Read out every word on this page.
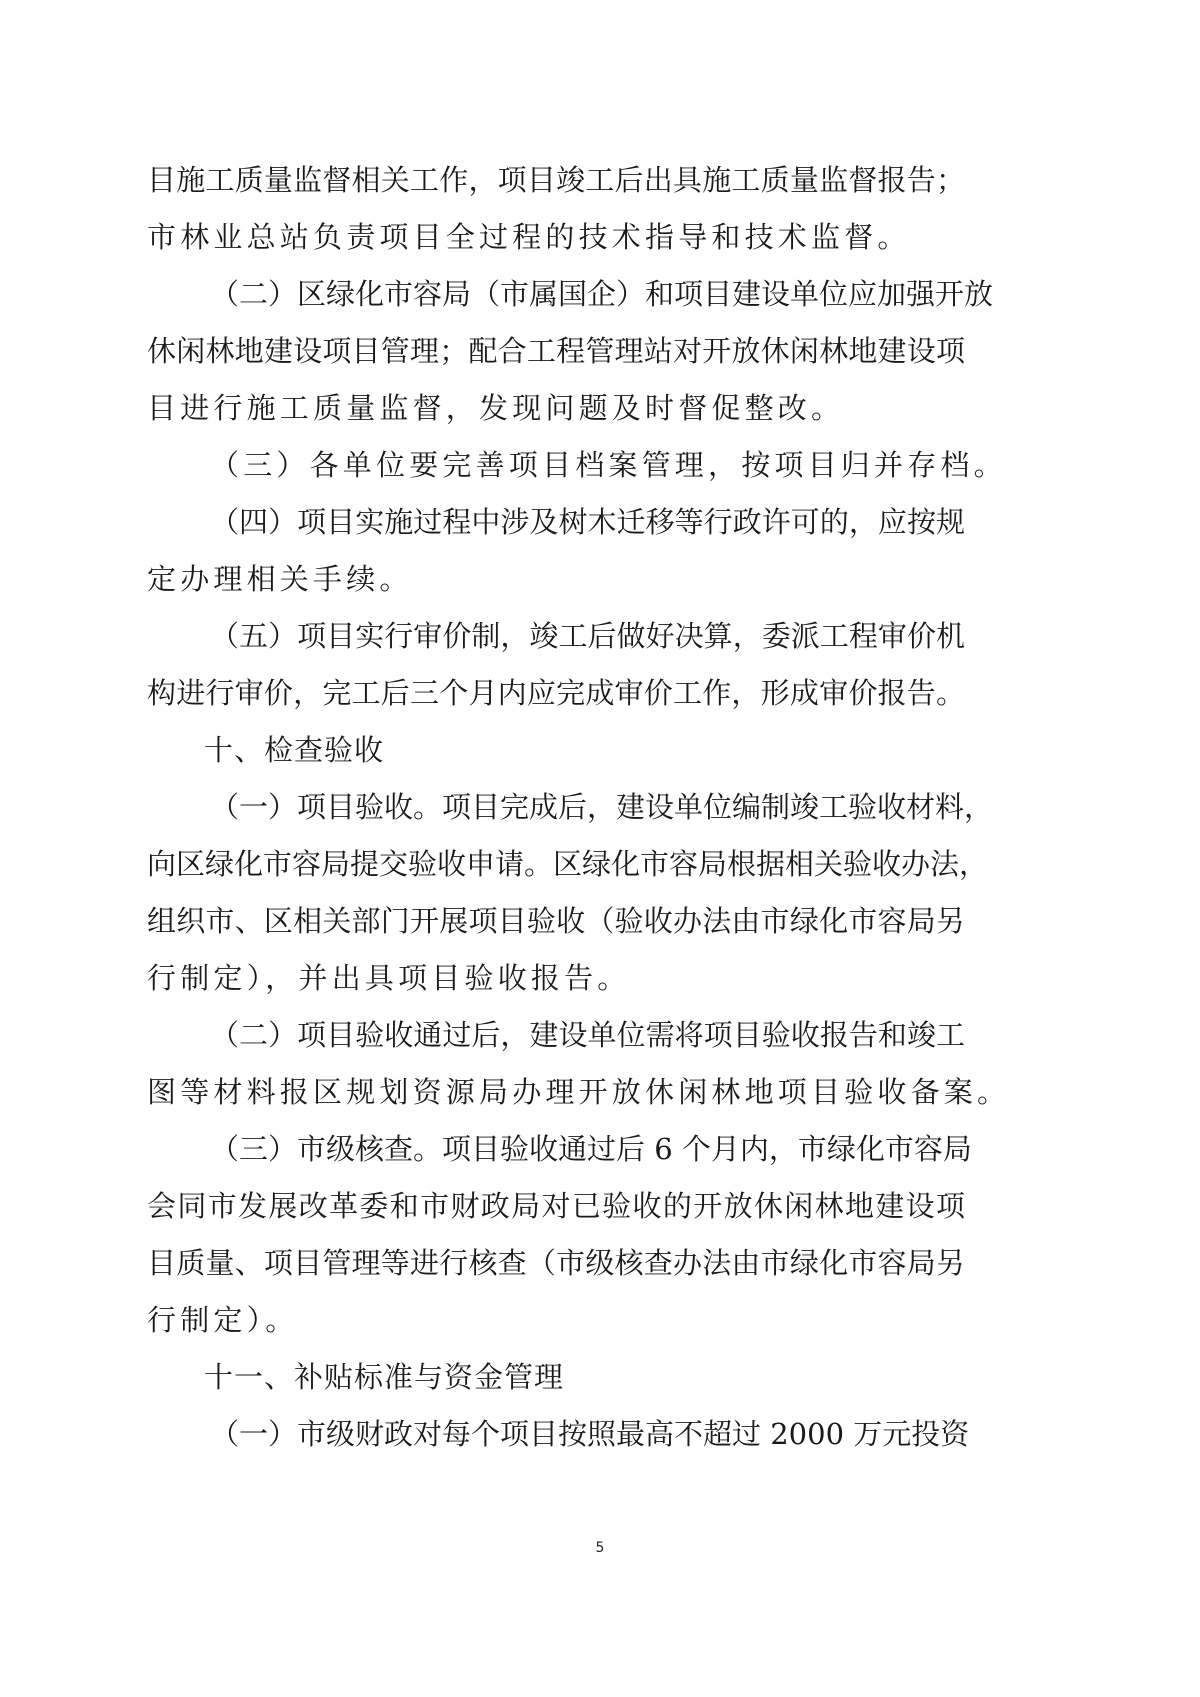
目施工质量监督相关工作，项目竣工后出具施工质量监督报告；
市林业总站负责项目全过程的技术指导和技术监督。
（二）区绿化市容局（市属国企）和项目建设单位应加强开放
休闲林地建设项目管理；配合工程管理站对开放休闲林地建设项
目进行施工质量监督，发现问题及时督促整改。
（三）各单位要完善项目档案管理，按项目归并存档。
（四）项目实施过程中涉及树木迁移等行政许可的，应按规
定办理相关手续。
（五）项目实行审价制，竣工后做好决算，委派工程审价机
构进行审价，完工后三个月内应完成审价工作，形成审价报告。
十、检查验收
（一）项目验收。项目完成后，建设单位编制竣工验收材料，
向区绿化市容局提交验收申请。区绿化市容局根据相关验收办法，
组织市、区相关部门开展项目验收（验收办法由市绿化市容局另
行制定），并出具项目验收报告。
（二）项目验收通过后，建设单位需将项目验收报告和竣工
图等材料报区规划资源局办理开放休闲林地项目验收备案。
（三）市级核查。项目验收通过后 6 个月内，市绿化市容局
会同市发展改革委和市财政局对已验收的开放休闲林地建设项
目质量、项目管理等进行核查（市级核查办法由市绿化市容局另
行制定）。
十一、补贴标准与资金管理
（一）市级财政对每个项目按照最高不超过 2000 万元投资
5
